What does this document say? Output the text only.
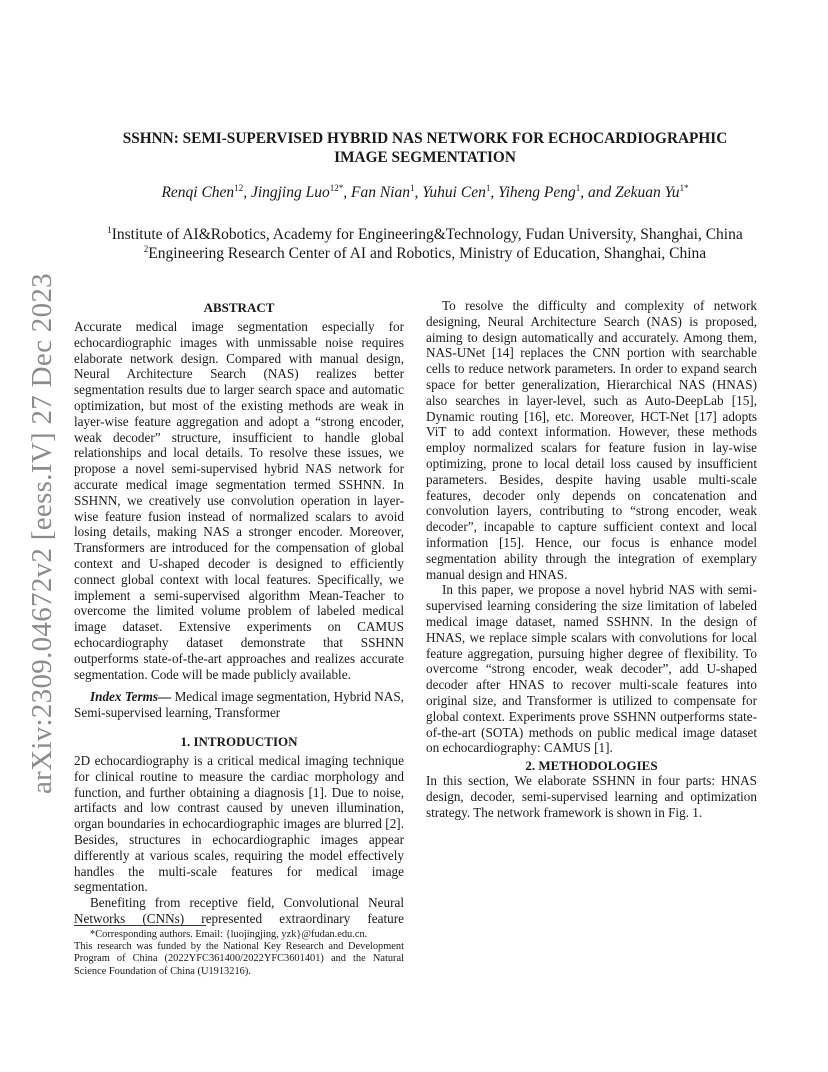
arXiv:2309.04672v2 [eess.IV] 27 Dec 2023
SSHNN: SEMI-SUPERVISED HYBRID NAS NETWORK FOR ECHOCARDIOGRAPHIC
IMAGE SEGMENTATION
Renqi Chen$^{12}$, Jingjing Luo$^{12*}$, Fan Nian$^1$, Yuhui Cen$^1$, Yiheng Peng$^1$, and Zekuan $Yu^{1*}$
$^1$Institute of AI&Robotics, Academy for Engineering&Technology, Fudan University, Shanghai, China
$^2$Engineering Research Center of AI and Robotics, Ministry of Education, Shanghai, China
ABSTRACT

Accurate medical image segmentation especially for echocardiographic images with unmissable noise requires elaborate network design. Compared with manual design, Neural Architecture Search (NAS) realizes better segmentation results due to larger search space and automatic optimization, but most of the existing methods are weak in layer-wise feature aggregation and adopt a “strong encoder, weak decoder” structure, insufficient to handle global relationships and local details. To resolve these issues, we propose a novel semi-supervised hybrid NAS network for accurate medical image segmentation termed SSHNN. In SSHNN, we creatively use convolution operation in layer-wise feature fusion instead of normalized scalars to avoid losing details, making NAS a stronger encoder. Moreover, Transformers are introduced for the compensation of global context and U-shaped decoder is designed to efficiently connect global context with local features. Specifically, we implement a semi-supervised algorithm Mean-Teacher to overcome the limited volume problem of labeled medical image dataset. Extensive experiments on CAMUS echocardiography dataset demonstrate that SSHNN outperforms state-of-the-art approaches and realizes accurate segmentation. Code will be made publicly available.

Index Terms— Medical image segmentation, Hybrid NAS, Semi-supervised learning, Transformer

1. INTRODUCTION

2D echocardiography is a critical medical imaging technique for clinical routine to measure the cardiac morphology and function, and further obtaining a diagnosis [1]. Due to noise, artifacts and low contrast caused by uneven illumination, organ boundaries in echocardiographic images are blurred [2]. Besides, structures in echocardiographic images appear differently at various scales, requiring the model effectively handles the multi-scale features for medical image segmentation.

Benefiting from receptive field, Convolutional Neural Networks (CNNs) represented extraordinary feature

*Corresponding authors. Email: {luojingjing, yzk}@fudan.edu.cn.

This research was funded by the National Key Research and Development Program of China (2022YFC361400/2022YFC3601401) and the Natural Science Foundation of China (U1913216).

To resolve the difficulty and complexity of network designing, Neural Architecture Search (NAS) is proposed, aiming to design automatically and accurately. Among them, NAS-UNet [14] replaces the CNN portion with searchable cells to reduce network parameters. In order to expand search space for better generalization, Hierarchical NAS (HNAS) also searches in layer-level, such as Auto-DeepLab [15], Dynamic routing [16], etc. Moreover, HCT-Net [17] adopts ViT to add context information. However, these methods employ normalized scalars for feature fusion in lay-wise optimizing, prone to local detail loss caused by insufficient parameters. Besides, despite having usable multi-scale features, decoder only depends on concatenation and convolution layers, contributing to “strong encoder, weak decoder”, incapable to capture sufficient context and local information [15]. Hence, our focus is enhance model segmentation ability through the integration of exemplary manual design and HNAS.

In this paper, we propose a novel hybrid NAS with semi-supervised learning considering the size limitation of labeled medical image dataset, named SSHNN. In the design of HNAS, we replace simple scalars with convolutions for local feature aggregation, pursuing higher degree of flexibility. To overcome “strong encoder, weak decoder”, add U-shaped decoder after HNAS to recover multi-scale features into original size, and Transformer is utilized to compensate for global context. Experiments prove SSHNN outperforms state-of-the-art (SOTA) methods on public medical image dataset on echocardiography: CAMUS [1].

2. METHODOLOGIES

In this section, We elaborate SSHNN in four parts: HNAS design, decoder, semi-supervised learning and optimization strategy. The network framework is shown in Fig. 1.
